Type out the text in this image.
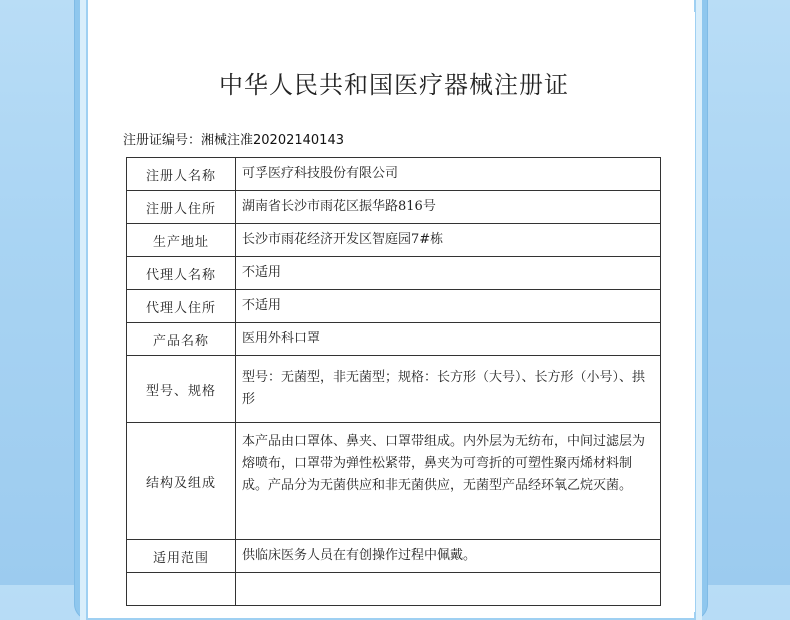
中华人民共和国医疗器械注册证
注册证编号：湘械注准20202140143
注册人名称	可孚医疗科技股份有限公司
注册人住所	湖南省长沙市雨花区振华路816号
生产地址	长沙市雨花经济开发区智庭园7#栋
代理人名称	不适用
代理人住所	不适用
产品名称	医用外科口罩
型号、规格	型号：无菌型，非无菌型；规格：长方形（大号）、长方形（小号）、拱形
结构及组成	本产品由口罩体、鼻夹、口罩带组成。内外层为无纺布，中间过滤层为熔喷布，口罩带为弹性松紧带，鼻夹为可弯折的可塑性聚丙烯材料制成。产品分为无菌供应和非无菌供应，无菌型产品经环氧乙烷灭菌。
适用范围	供临床医务人员在有创操作过程中佩戴。
